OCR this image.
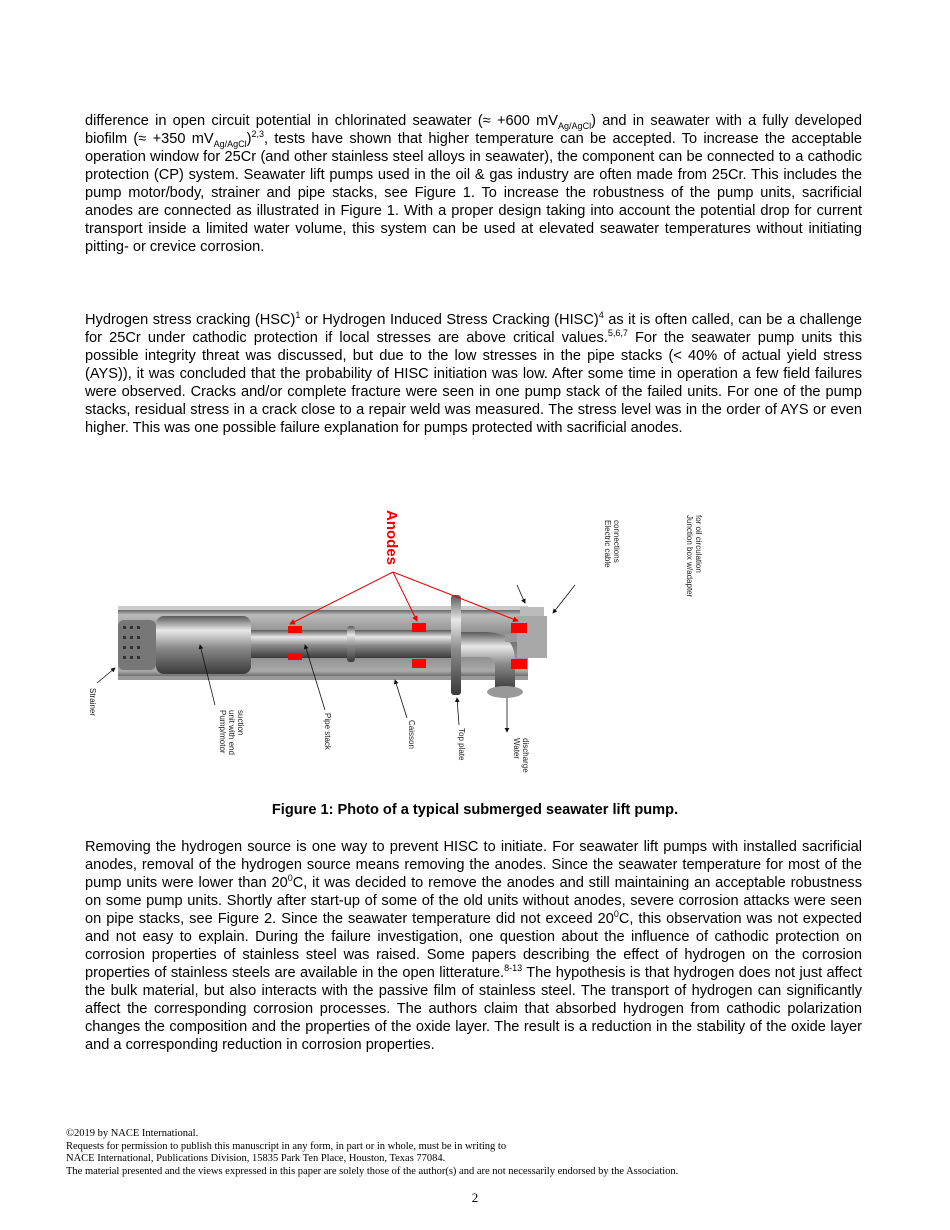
difference in open circuit potential in chlorinated seawater (≈ +600 $mV_{Ag/AgCl}$) and in seawater with a fully developed biofilm (≈ +350 $mV_{Ag/AgCl})^{2,3}$, tests have shown that higher temperature can be accepted. To increase the acceptable operation window for 25Cr (and other stainless steel alloys in seawater), the component can be connected to a cathodic protection (CP) system. Seawater lift pumps used in the oil & gas industry are often made from 25Cr. This includes the pump motor/body, strainer and pipe stacks, see Figure 1. To increase the robustness of the pump units, sacrificial anodes are connected as illustrated in Figure 1. With a proper design taking into account the potential drop for current transport inside a limited water volume, this system can be used at elevated seawater temperatures without initiating pitting- or crevice corrosion.

Hydrogen stress cracking (HSC)$^1$ or Hydrogen Induced Stress Cracking (HISC)$^4$ as it is often called, can be a challenge for 25Cr under cathodic protection if local stresses are above critical values.$^{5,6,7}$ For the seawater pump units this possible integrity threat was discussed, but due to the low stresses in the pipe stacks (< 40% of actual yield stress (AYS)), it was concluded that the probability of HISC initiation was low. After some time in operation a few field failures were observed. Cracks and/or complete fracture were seen in one pump stack of the failed units. For one of the pump stacks, residual stress in a crack close to a repair weld was measured. The stress level was in the order of AYS or even higher. This was one possible failure explanation for pumps protected with sacrificial anodes.

Anodes
Strainer
Pump/motor unit with end suction	Pipe stack	Caisson	Top plate	Water discharge
Electric cable connections	Junction box w/adapter for oil circulation
Figure 1: Photo of a typical submerged seawater lift pump.

Removing the hydrogen source is one way to prevent HISC to initiate. For seawater lift pumps with installed sacrificial anodes, removal of the hydrogen source means removing the anodes. Since the seawater temperature for most of the pump units were lower than $20^0C$, it was decided to remove the anodes and still maintaining an acceptable robustness on some pump units. Shortly after start-up of some of the old units without anodes, severe corrosion attacks were seen on pipe stacks, see Figure 2. Since the seawater temperature did not exceed $20^0C$, this observation was not expected and not easy to explain. During the failure investigation, one question about the influence of cathodic protection on corrosion properties of stainless steel was raised. Some papers describing the effect of hydrogen on the corrosion properties of stainless steels are available in the open litterature.$^{8-13}$ The hypothesis is that hydrogen does not just affect the bulk material, but also interacts with the passive film of stainless steel. The transport of hydrogen can significantly affect the corresponding corrosion processes. The authors claim that absorbed hydrogen from cathodic polarization changes the composition and the properties of the oxide layer. The result is a reduction in the stability of the oxide layer and a corresponding reduction in corrosion properties.

©2019 by NACE International.
Requests for permission to publish this manuscript in any form, in part or in whole, must be in writing to
NACE International, Publications Division, 15835 Park Ten Place, Houston, Texas 77084.
The material presented and the views expressed in this paper are solely those of the author(s) and are not necessarily endorsed by the Association.
2
